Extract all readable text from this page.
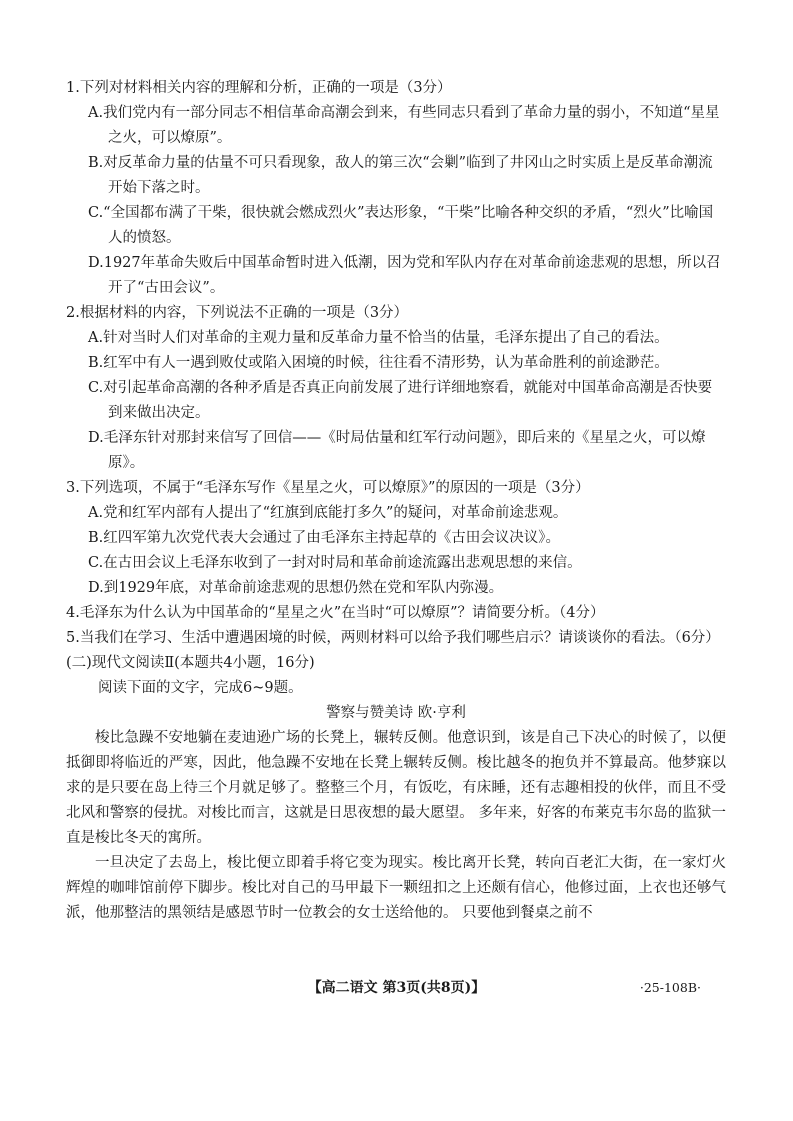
1.下列对材料相关内容的理解和分析，正确的一项是（3分）

A.我们党内有一部分同志不相信革命高潮会到来，有些同志只看到了革命力量的弱小，不知道“星星之火，可以燎原”。

B.对反革命力量的估量不可只看现象，敌人的第三次“会剿”临到了井冈山之时实质上是反革命潮流开始下落之时。

C.“全国都布满了干柴，很快就会燃成烈火”表达形象，“干柴”比喻各种交织的矛盾，“烈火”比喻国人的愤怒。

D.1927年革命失败后中国革命暂时进入低潮，因为党和军队内存在对革命前途悲观的思想，所以召开了“古田会议”。

2.根据材料的内容，下列说法不正确的一项是（3分）

A.针对当时人们对革命的主观力量和反革命力量不恰当的估量，毛泽东提出了自己的看法。

B.红军中有人一遇到败仗或陷入困境的时候，往往看不清形势，认为革命胜利的前途渺茫。

C.对引起革命高潮的各种矛盾是否真正向前发展了进行详细地察看，就能对中国革命高潮是否快要到来做出决定。

D.毛泽东针对那封来信写了回信——《时局估量和红军行动问题》，即后来的《星星之火，可以燎原》。

3.下列选项，不属于“毛泽东写作《星星之火，可以燎原》”的原因的一项是（3分）

A.党和红军内部有人提出了“红旗到底能打多久”的疑问，对革命前途悲观。

B.红四军第九次党代表大会通过了由毛泽东主持起草的《古田会议决议》。

C.在古田会议上毛泽东收到了一封对时局和革命前途流露出悲观思想的来信。

D.到1929年底，对革命前途悲观的思想仍然在党和军队内弥漫。

4.毛泽东为什么认为中国革命的“星星之火”在当时“可以燎原”？请简要分析。（4分）

5.当我们在学习、生活中遭遇困境的时候，两则材料可以给予我们哪些启示？请谈谈你的看法。（6分）

(二)现代文阅读Ⅱ(本题共4小题，16分)

阅读下面的文字，完成6~9题。

警察与赞美诗 欧·亨利

梭比急躁不安地躺在麦迪逊广场的长凳上，辗转反侧。他意识到，该是自己下决心的时候了，以便抵御即将临近的严寒，因此，他急躁不安地在长凳上辗转反侧。梭比越冬的抱负并不算最高。他梦寐以求的是只要在岛上待三个月就足够了。整整三个月，有饭吃，有床睡，还有志趣相投的伙伴，而且不受北风和警察的侵扰。对梭比而言，这就是日思夜想的最大愿望。 多年来，好客的布莱克韦尔岛的监狱一直是梭比冬天的寓所。

一旦决定了去岛上，梭比便立即着手将它变为现实。梭比离开长凳，转向百老汇大街，在一家灯火辉煌的咖啡馆前停下脚步。梭比对自己的马甲最下一颗纽扣之上还颇有信心，他修过面，上衣也还够气派，他那整洁的黑领结是感恩节时一位教会的女士送给他的。 只要他到餐桌之前不

【高二语文 第3页(共8页)】	·25-108B·
